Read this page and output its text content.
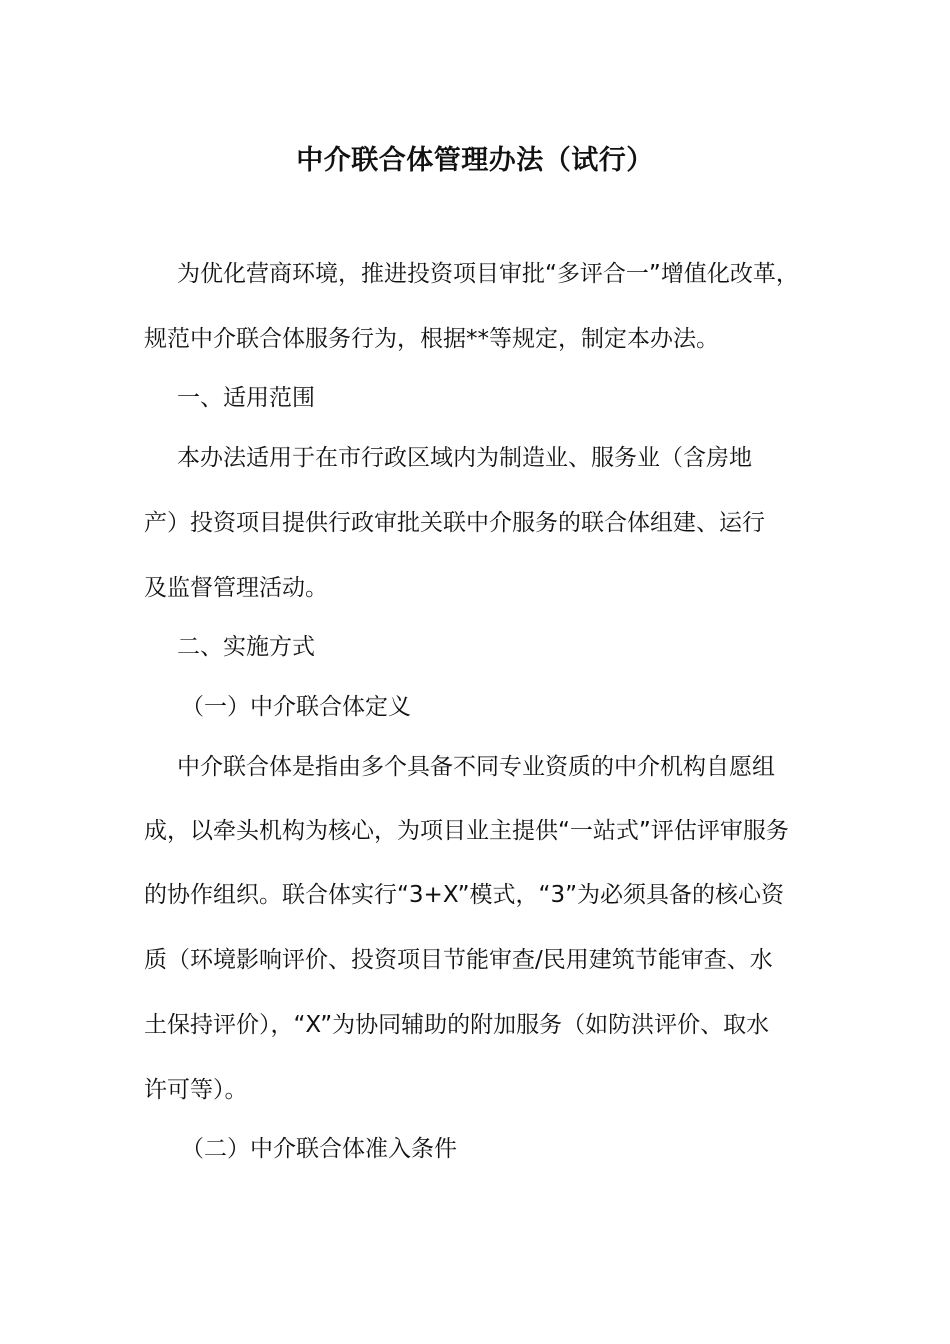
中介联合体管理办法（试行）

为优化营商环境，推进投资项目审批“多评合一”增值化改革，

规范中介联合体服务行为，根据**等规定，制定本办法。

一、适用范围

本办法适用于在市行政区域内为制造业、服务业（含房地

产）投资项目提供行政审批关联中介服务的联合体组建、运行

及监督管理活动。

二、实施方式

（一）中介联合体定义

中介联合体是指由多个具备不同专业资质的中介机构自愿组

成，以牵头机构为核心，为项目业主提供“一站式”评估评审服务

的协作组织。联合体实行“3+X”模式，“3”为必须具备的核心资

质（环境影响评价、投资项目节能审查/民用建筑节能审查、水

土保持评价），“X”为协同辅助的附加服务（如防洪评价、取水

许可等）。

（二）中介联合体准入条件
